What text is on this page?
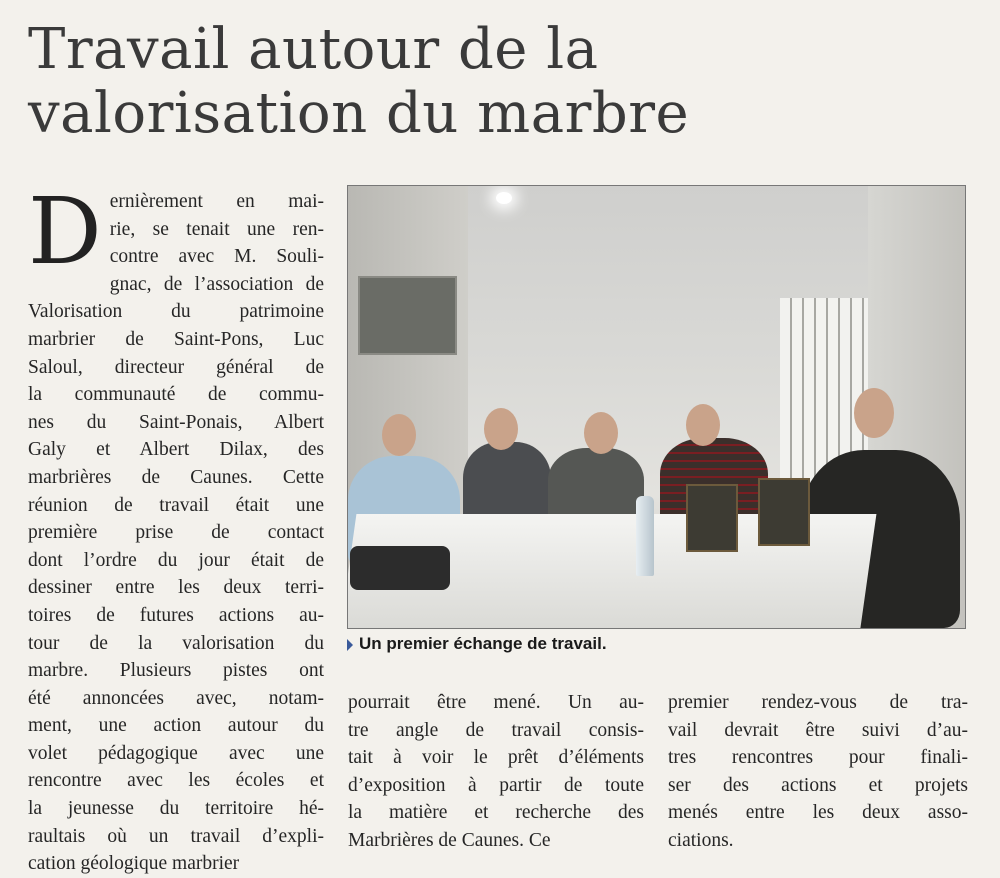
Travail autour de la
valorisation du marbre
D ernièrement en mai-
rie, se tenait une ren-
contre avec M. Souli-
gnac, de l’association de
Valorisation du patrimoine
marbrier de Saint-Pons, Luc
Saloul, directeur général de
la communauté de commu-
nes du Saint-Ponais, Albert
Galy et Albert Dilax, des
marbrières de Caunes. Cette
réunion de travail était une
première prise de contact
dont l’ordre du jour était de
dessiner entre les deux terri-
toires de futures actions au-
tour de la valorisation du
marbre. Plusieurs pistes ont
été annoncées avec, notam-
ment, une action autour du
volet pédagogique avec une
rencontre avec les écoles et
la jeunesse du territoire hé-
raultais où un travail d’expli-
cation géologique marbrier
Un premier échange de travail.
pourrait être mené. Un au-
tre angle de travail consis-
tait à voir le prêt d’éléments
d’exposition à partir de toute
la matière et recherche des
Marbrières de Caunes. Ce
premier rendez-vous de tra-
vail devrait être suivi d’au-
tres rencontres pour finali-
ser des actions et projets
menés entre les deux asso-
ciations.
